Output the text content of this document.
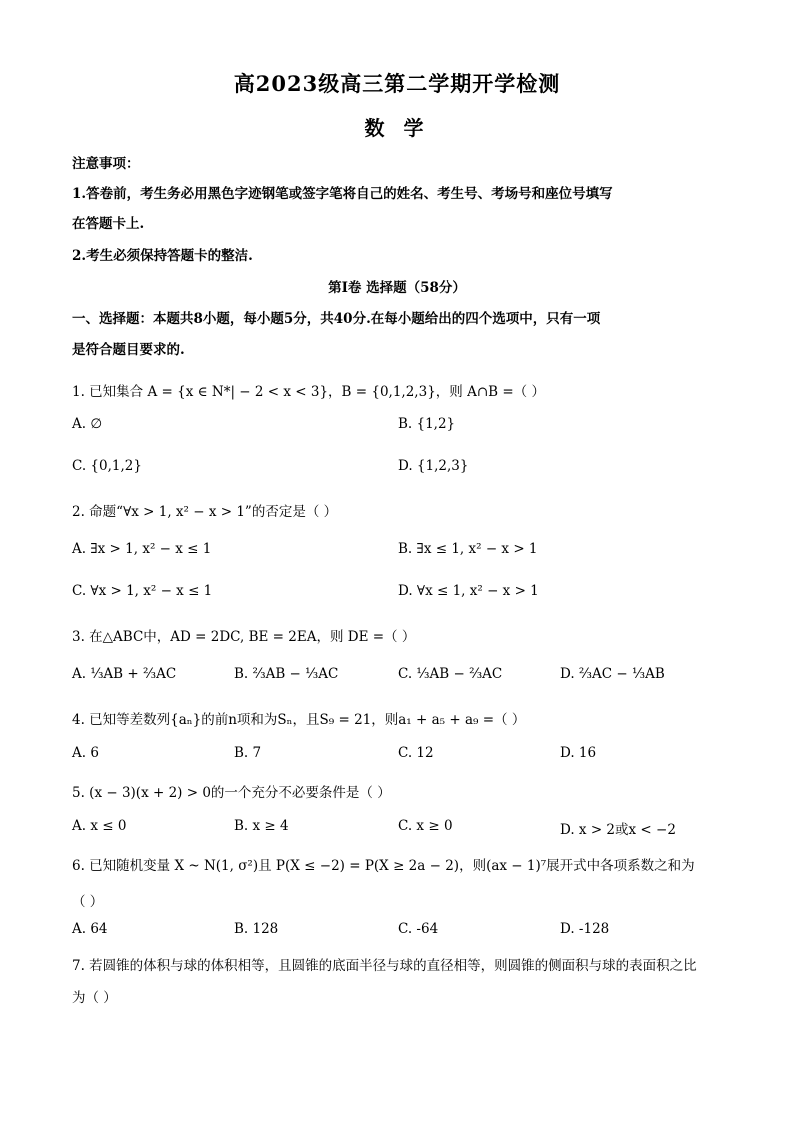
高2023级高三第二学期开学检测
数 学
注意事项：
1.答卷前，考生务必用黑色字迹钢笔或签字笔将自己的姓名、考生号、考场号和座位号填写
在答题卡上.
2.考生必须保持答题卡的整洁.
第Ⅰ卷 选择题（58分）
一、选择题：本题共8小题，每小题5分，共40分.在每小题给出的四个选项中，只有一项
是符合题目要求的.
1. 已知集合 A = {x ∈ N*| − 2 < x < 3}，B = {0,1,2,3}，则 A∩B =（ ）
A. ∅	B. {1,2}
C. {0,1,2}	D. {1,2,3}
2. 命题“∀x > 1, x² − x > 1”的否定是（ ）
A. ∃x > 1, x² − x ≤ 1	B. ∃x ≤ 1, x² − x > 1
C. ∀x > 1, x² − x ≤ 1	D. ∀x ≤ 1, x² − x > 1
3. 在△ABC中，AD = 2DC, BE = 2EA，则 DE =（ ）
A. ⅓AB + ⅔AC	B. ⅔AB − ⅓AC	C. ⅓AB − ⅔AC	D. ⅔AC − ⅓AB
4. 已知等差数列{aₙ}的前n项和为Sₙ，且S₉ = 21，则a₁ + a₅ + a₉ =（ ）
A. 6	B. 7	C. 12	D. 16
5. (x − 3)(x + 2) > 0的一个充分不必要条件是（ ）
A. x ≤ 0	B. x ≥ 4	C. x ≥ 0	D. x > 2或x < −2
6. 已知随机变量 X ~ N(1, σ²)且 P(X ≤ −2) = P(X ≥ 2a − 2)，则(ax − 1)⁷展开式中各项系数之和为
（ ）
A. 64	B. 128	C. -64	D. -128
7. 若圆锥的体积与球的体积相等，且圆锥的底面半径与球的直径相等，则圆锥的侧面积与球的表面积之比
为（ ）
